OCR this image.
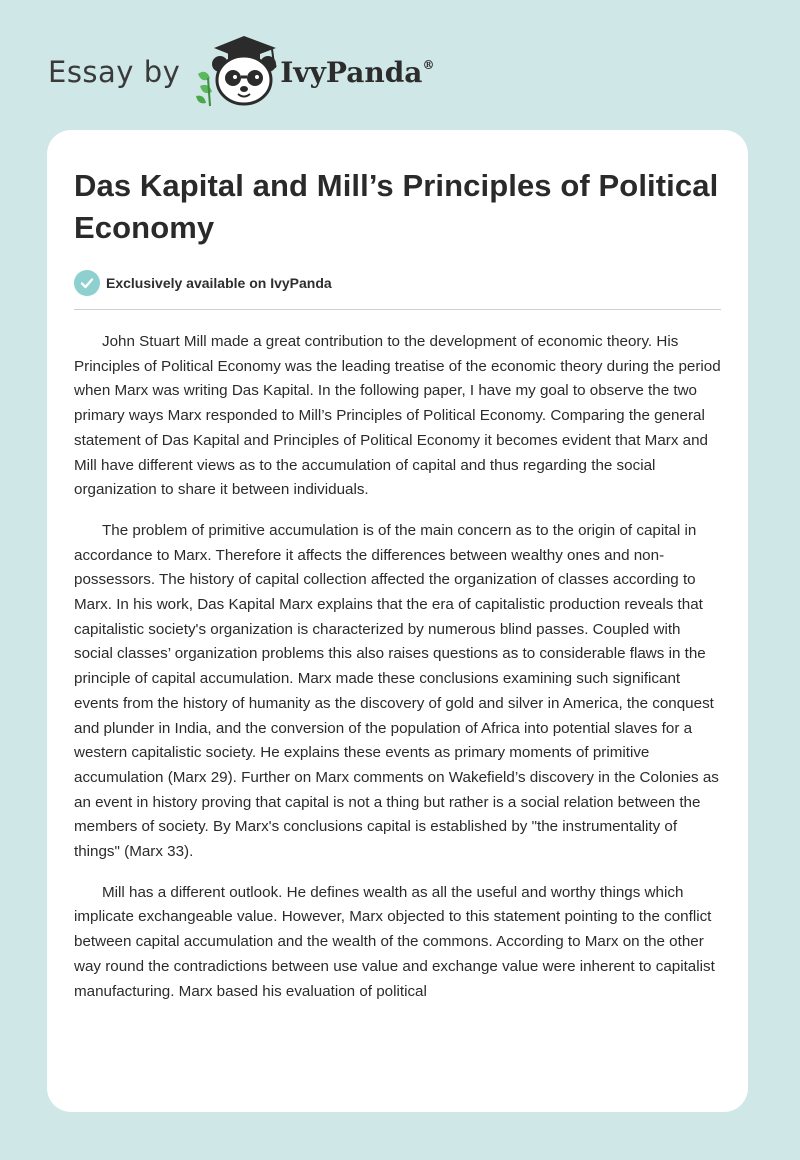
Essay by	IvyPanda®
Das Kapital and Mill’s Principles of Political Economy
Exclusively available on IvyPanda

John Stuart Mill made a great contribution to the development of economic theory. His Principles of Political Economy was the leading treatise of the economic theory during the period when Marx was writing Das Kapital. In the following paper, I have my goal to observe the two primary ways Marx responded to Mill’s Principles of Political Economy. Comparing the general statement of Das Kapital and Principles of Political Economy it becomes evident that Marx and Mill have different views as to the accumulation of capital and thus regarding the social organization to share it between individuals.

The problem of primitive accumulation is of the main concern as to the origin of capital in accordance to Marx. Therefore it affects the differences between wealthy ones and non-possessors. The history of capital collection affected the organization of classes according to Marx. In his work, Das Kapital Marx explains that the era of capitalistic production reveals that capitalistic society's organization is characterized by numerous blind passes. Coupled with social classes’ organization problems this also raises questions as to considerable flaws in the principle of capital accumulation. Marx made these conclusions examining such significant events from the history of humanity as the discovery of gold and silver in America, the conquest and plunder in India, and the conversion of the population of Africa into potential slaves for a western capitalistic society. He explains these events as primary moments of primitive accumulation (Marx 29). Further on Marx comments on Wakefield’s discovery in the Colonies as an event in history proving that capital is not a thing but rather is a social relation between the members of society. By Marx's conclusions capital is established by "the instrumentality of things" (Marx 33).

Mill has a different outlook. He defines wealth as all the useful and worthy things which implicate exchangeable value. However, Marx objected to this statement pointing to the conflict between capital accumulation and the wealth of the commons. According to Marx on the other way round the contradictions between use value and exchange value were inherent to capitalist manufacturing. Marx based his evaluation of political
